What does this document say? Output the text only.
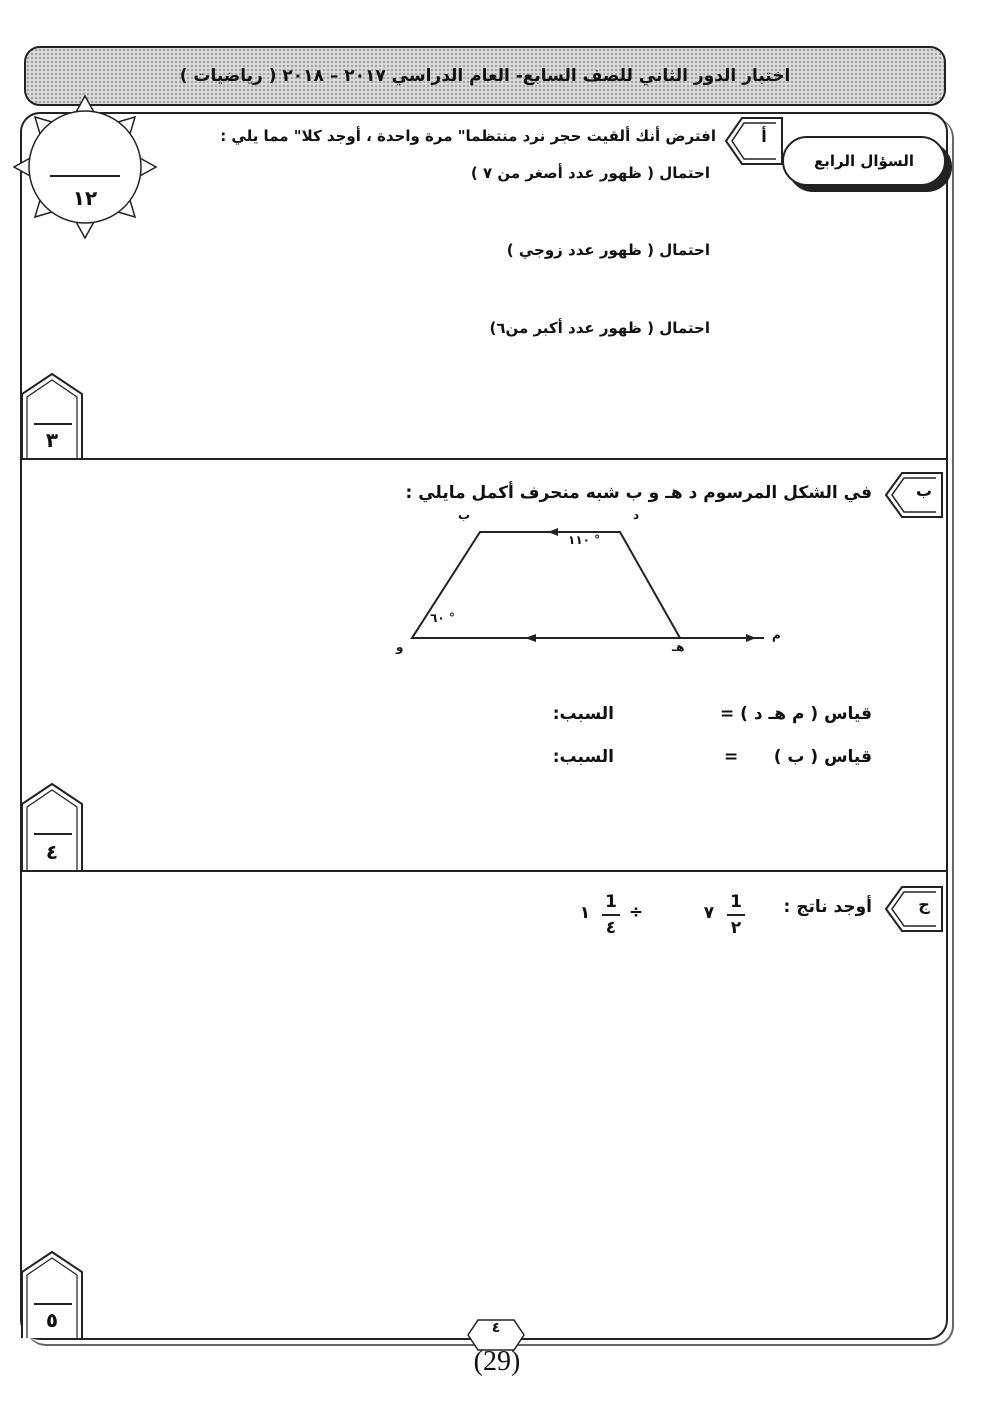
اختبار الدور الثاني للصف السابع- العام الدراسي ٢٠١٧ – ٢٠١٨ ( رياضيات )
السؤال الرابع
١٢
أ
افترض أنك ألقيت حجر نرد منتظما" مرة واحدة ، أوجد كلا" مما يلي :
احتمال ( ظهور عدد أصغر من ٧ )
احتمال ( ظهور عدد زوجي )
احتمال ( ظهور عدد أكبر من٦)
٣
ب
في الشكل المرسوم د هـ و ب شبه منحرف أكمل مايلي :
ب	د
١١٠ °
٦٠ °
و	هـ
م
قياس ( م هـ د ) =
السبب:
قياس ( ب )
=
السبب:
٤
ج
أوجد ناتج :
1
٢
٧
÷
1
٤
١
٥	٤
(29)
